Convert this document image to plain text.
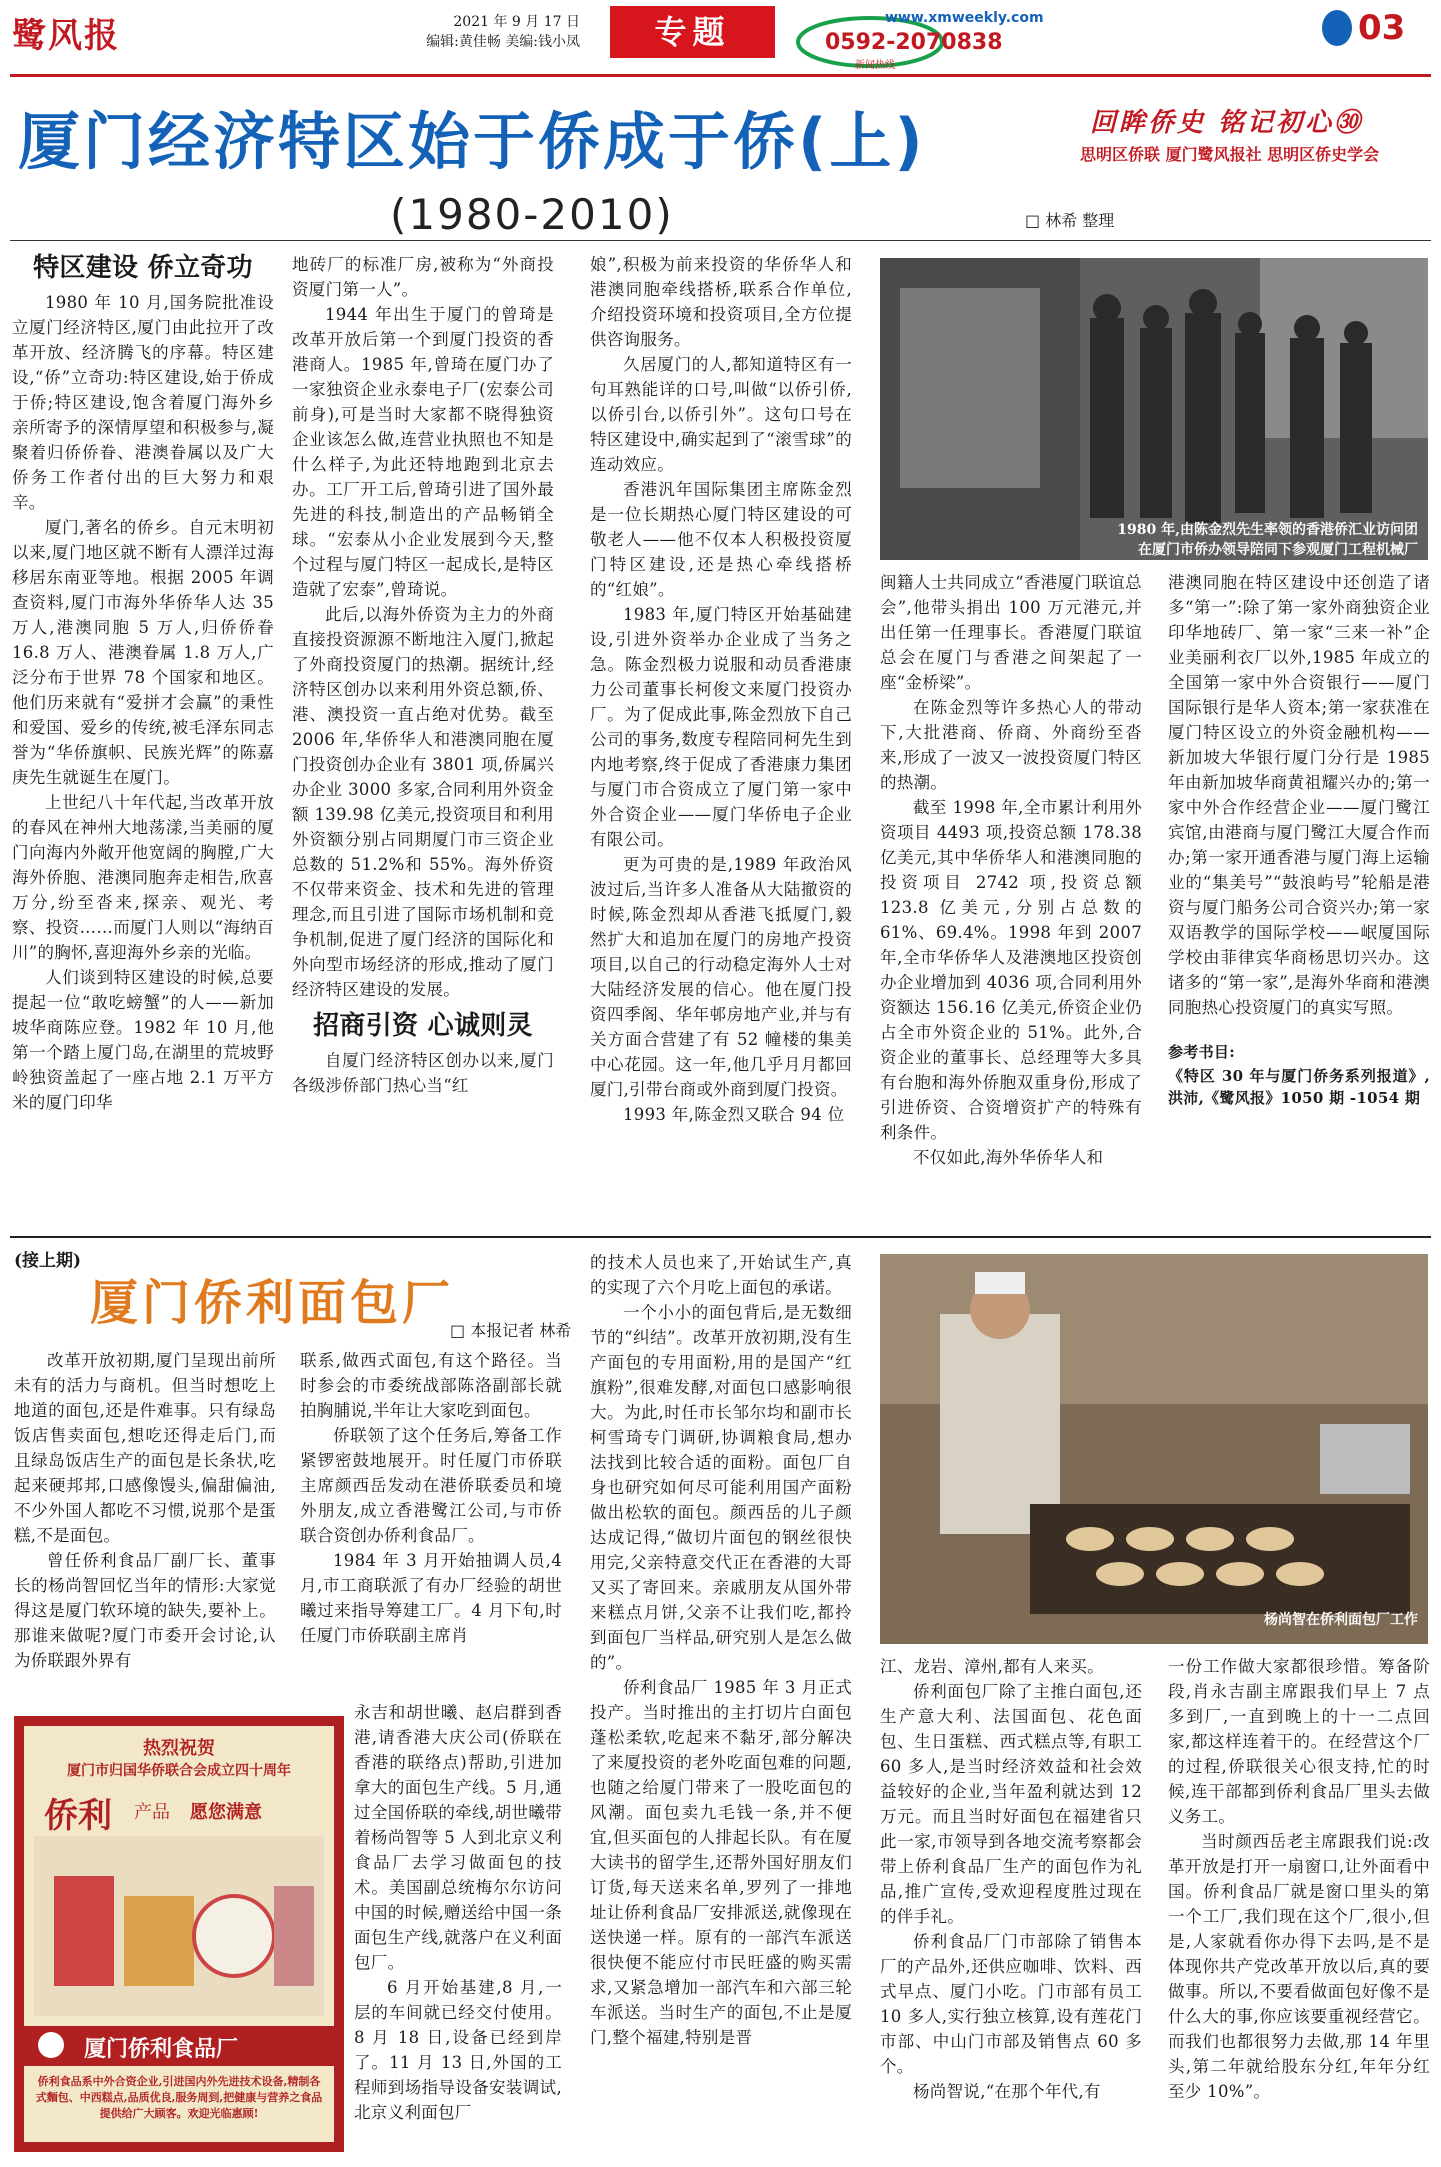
鹭风报	2021 年 9 月 17 日
编辑:黄佳畅 美编:钱小凤	专题	www.xmweekly.com
0592-2070838
新闻热线
03
厦门经济特区始于侨成于侨(上)
(1980-2010)
回眸侨史 铭记初心㉚
思明区侨联 厦门鹭风报社 思明区侨史学会
□ 林希 整理
特区建设 侨立奇功

1980 年 10 月,国务院批准设立厦门经济特区,厦门由此拉开了改革开放、经济腾飞的序幕。特区建设,“侨”立奇功:特区建设,始于侨成于侨;特区建设,饱含着厦门海外乡亲所寄予的深情厚望和积极参与,凝聚着归侨侨眷、港澳眷属以及广大侨务工作者付出的巨大努力和艰辛。

厦门,著名的侨乡。自元末明初以来,厦门地区就不断有人漂洋过海移居东南亚等地。根据 2005 年调查资料,厦门市海外华侨华人达 35 万人,港澳同胞 5 万人,归侨侨眷 16.8 万人、港澳眷属 1.8 万人,广泛分布于世界 78 个国家和地区。他们历来就有“爱拼才会赢”的秉性和爱国、爱乡的传统,被毛泽东同志誉为“华侨旗帜、民族光辉”的陈嘉庚先生就诞生在厦门。

上世纪八十年代起,当改革开放的春风在神州大地荡漾,当美丽的厦门向海内外敞开他宽阔的胸膛,广大海外侨胞、港澳同胞奔走相告,欣喜万分,纷至沓来,探亲、观光、考察、投资……而厦门人则以“海纳百川”的胸怀,喜迎海外乡亲的光临。

人们谈到特区建设的时候,总要提起一位“敢吃螃蟹”的人——新加坡华商陈应登。1982 年 10 月,他第一个踏上厦门岛,在湖里的荒坡野岭独资盖起了一座占地 2.1 万平方米的厦门印华

地砖厂的标准厂房,被称为“外商投资厦门第一人”。

1944 年出生于厦门的曾琦是改革开放后第一个到厦门投资的香港商人。1985 年,曾琦在厦门办了一家独资企业永泰电子厂(宏泰公司前身),可是当时大家都不晓得独资企业该怎么做,连营业执照也不知是什么样子,为此还特地跑到北京去办。工厂开工后,曾琦引进了国外最先进的科技,制造出的产品畅销全球。“宏泰从小企业发展到今天,整个过程与厦门特区一起成长,是特区造就了宏泰”,曾琦说。

此后,以海外侨资为主力的外商直接投资源源不断地注入厦门,掀起了外商投资厦门的热潮。据统计,经济特区创办以来利用外资总额,侨、港、澳投资一直占绝对优势。截至 2006 年,华侨华人和港澳同胞在厦门投资创办企业有 3801 项,侨属兴办企业 3000 多家,合同利用外资金额 139.98 亿美元,投资项目和利用外资额分别占同期厦门市三资企业总数的 51.2%和 55%。海外侨资不仅带来资金、技术和先进的管理理念,而且引进了国际市场机制和竞争机制,促进了厦门经济的国际化和外向型市场经济的形成,推动了厦门经济特区建设的发展。

招商引资 心诚则灵

自厦门经济特区创办以来,厦门各级涉侨部门热心当“红

娘”,积极为前来投资的华侨华人和港澳同胞牵线搭桥,联系合作单位,介绍投资环境和投资项目,全方位提供咨询服务。

久居厦门的人,都知道特区有一句耳熟能详的口号,叫做“以侨引侨,以侨引台,以侨引外”。这句口号在特区建设中,确实起到了“滚雪球”的连动效应。

香港汎年国际集团主席陈金烈是一位长期热心厦门特区建设的可敬老人——他不仅本人积极投资厦门特区建设,还是热心牵线搭桥的“红娘”。

1983 年,厦门特区开始基础建设,引进外资举办企业成了当务之急。陈金烈极力说服和动员香港康力公司董事长柯俊文来厦门投资办厂。为了促成此事,陈金烈放下自己公司的事务,数度专程陪同柯先生到内地考察,终于促成了香港康力集团与厦门市合资成立了厦门第一家中外合资企业——厦门华侨电子企业有限公司。

更为可贵的是,1989 年政治风波过后,当许多人准备从大陆撤资的时候,陈金烈却从香港飞抵厦门,毅然扩大和追加在厦门的房地产投资项目,以自己的行动稳定海外人士对大陆经济发展的信心。他在厦门投资四季阁、华年邨房地产业,并与有关方面合营建了有 52 幢楼的集美中心花园。这一年,他几乎月月都回厦门,引带台商或外商到厦门投资。

1993 年,陈金烈又联合 94 位

1980 年,由陈金烈先生率领的香港侨汇业访问团
在厦门市侨办领导陪同下参观厦门工程机械厂

闽籍人士共同成立“香港厦门联谊总会”,他带头捐出 100 万元港元,并出任第一任理事长。香港厦门联谊总会在厦门与香港之间架起了一座“金桥梁”。

在陈金烈等许多热心人的带动下,大批港商、侨商、外商纷至沓来,形成了一波又一波投资厦门特区的热潮。

截至 1998 年,全市累计利用外资项目 4493 项,投资总额 178.38 亿美元,其中华侨华人和港澳同胞的投资项目 2742 项,投资总额 123.8 亿美元,分别占总数的 61%、69.4%。1998 年到 2007 年,全市华侨华人及港澳地区投资创办企业增加到 4036 项,合同利用外资额达 156.16 亿美元,侨资企业仍占全市外资企业的 51%。此外,合资企业的董事长、总经理等大多具有台胞和海外侨胞双重身份,形成了引进侨资、合资增资扩产的特殊有利条件。

不仅如此,海外华侨华人和

港澳同胞在特区建设中还创造了诸多“第一”:除了第一家外商独资企业印华地砖厂、第一家“三来一补”企业美丽利衣厂以外,1985 年成立的全国第一家中外合资银行——厦门国际银行是华人资本;第一家获准在厦门特区设立的外资金融机构——新加坡大华银行厦门分行是 1985 年由新加坡华商黄祖耀兴办的;第一家中外合作经营企业——厦门鹭江宾馆,由港商与厦门鹭江大厦合作而办;第一家开通香港与厦门海上运输业的“集美号”“鼓浪屿号”轮船是港资与厦门船务公司合资兴办;第一家双语教学的国际学校——岷厦国际学校由菲律宾华商杨思切兴办。这诸多的“第一家”,是海外华商和港澳同胞热心投资厦门的真实写照。

参考书目:
《特区 30 年与厦门侨务系列报道》,洪沛,《鹭风报》1050 期 -1054 期
(接上期)
厦门侨利面包厂
□ 本报记者 林希

改革开放初期,厦门呈现出前所未有的活力与商机。但当时想吃上地道的面包,还是件难事。只有绿岛饭店售卖面包,想吃还得走后门,而且绿岛饭店生产的面包是长条状,吃起来硬邦邦,口感像馒头,偏甜偏油,不少外国人都吃不习惯,说那个是蛋糕,不是面包。

曾任侨利食品厂副厂长、董事长的杨尚智回忆当年的情形:大家觉得这是厦门软环境的缺失,要补上。那谁来做呢?厦门市委开会讨论,认为侨联跟外界有

联系,做西式面包,有这个路径。当时参会的市委统战部陈洛副部长就拍胸脯说,半年让大家吃到面包。

侨联领了这个任务后,筹备工作紧锣密鼓地展开。时任厦门市侨联主席颜西岳发动在港侨联委员和境外朋友,成立香港鹭江公司,与市侨联合资创办侨利食品厂。

1984 年 3 月开始抽调人员,4 月,市工商联派了有办厂经验的胡世曦过来指导筹建工厂。4 月下旬,时任厦门市侨联副主席肖

永吉和胡世曦、赵启群到香港,请香港大庆公司(侨联在香港的联络点)帮助,引进加拿大的面包生产线。5 月,通过全国侨联的牵线,胡世曦带着杨尚智等 5 人到北京义利食品厂去学习做面包的技术。美国副总统梅尔尔访问中国的时候,赠送给中国一条面包生产线,就落户在义利面包厂。

6 月开始基建,8 月,一层的车间就已经交付使用。8 月 18 日,设备已经到岸了。11 月 13 日,外国的工程师到场指导设备安装调试,北京义利面包厂

的技术人员也来了,开始试生产,真的实现了六个月吃上面包的承诺。

一个小小的面包背后,是无数细节的“纠结”。改革开放初期,没有生产面包的专用面粉,用的是国产“红旗粉”,很难发酵,对面包口感影响很大。为此,时任市长邹尔均和副市长柯雪琦专门调研,协调粮食局,想办法找到比较合适的面粉。面包厂自身也研究如何尽可能利用国产面粉做出松软的面包。颜西岳的儿子颜达成记得,“做切片面包的钢丝很快用完,父亲特意交代正在香港的大哥又买了寄回来。亲戚朋友从国外带来糕点月饼,父亲不让我们吃,都拎到面包厂当样品,研究别人是怎么做的”。

侨利食品厂 1985 年 3 月正式投产。当时推出的主打切片白面包蓬松柔软,吃起来不黏牙,部分解决了来厦投资的老外吃面包难的问题,也随之给厦门带来了一股吃面包的风潮。面包卖九毛钱一条,并不便宜,但买面包的人排起长队。有在厦大读书的留学生,还帮外国好朋友们订货,每天送来名单,罗列了一排地址让侨利食品厂安排派送,就像现在送快递一样。原有的一部汽车派送很快便不能应付市民旺盛的购买需求,又紧急增加一部汽车和六部三轮车派送。当时生产的面包,不止是厦门,整个福建,特别是晋

杨尚智在侨利面包厂工作

江、龙岩、漳州,都有人来买。

侨利面包厂除了主推白面包,还生产意大利、法国面包、花色面包、生日蛋糕、西式糕点等,有职工 60 多人,是当时经济效益和社会效益较好的企业,当年盈利就达到 12 万元。而且当时好面包在福建省只此一家,市领导到各地交流考察都会带上侨利食品厂生产的面包作为礼品,推广宣传,受欢迎程度胜过现在的伴手礼。

侨利食品厂门市部除了销售本厂的产品外,还供应咖啡、饮料、西式早点、厦门小吃。门市部有员工 10 多人,实行独立核算,设有莲花门市部、中山门市部及销售点 60 多个。

杨尚智说,“在那个年代,有

一份工作做大家都很珍惜。筹备阶段,肖永吉副主席跟我们早上 7 点多到厂,一直到晚上的十一二点回家,都这样连着干的。在经营这个厂的过程,侨联很关心很支持,忙的时候,连干部都到侨利食品厂里头去做义务工。

当时颜西岳老主席跟我们说:改革开放是打开一扇窗口,让外面看中国。侨利食品厂就是窗口里头的第一个工厂,我们现在这个厂,很小,但是,人家就看你办得下去吗,是不是体现你共产党改革开放以后,真的要做事。所以,不要看做面包好像不是什么大的事,你应该要重视经营它。而我们也都很努力去做,那 14 年里头,第二年就给股东分红,年年分红至少 10%”。

热烈祝贺
厦门市归国华侨联合会成立四十周年
侨利 产品 愿您满意
厦门侨利食品厂
侨利食品系中外合资企业,引进国内外先进技术设备,精制各式麵包、中西糕点,品质优良,服务周到,把健康与营养之食品提供给广大顾客。欢迎光临惠顾!
